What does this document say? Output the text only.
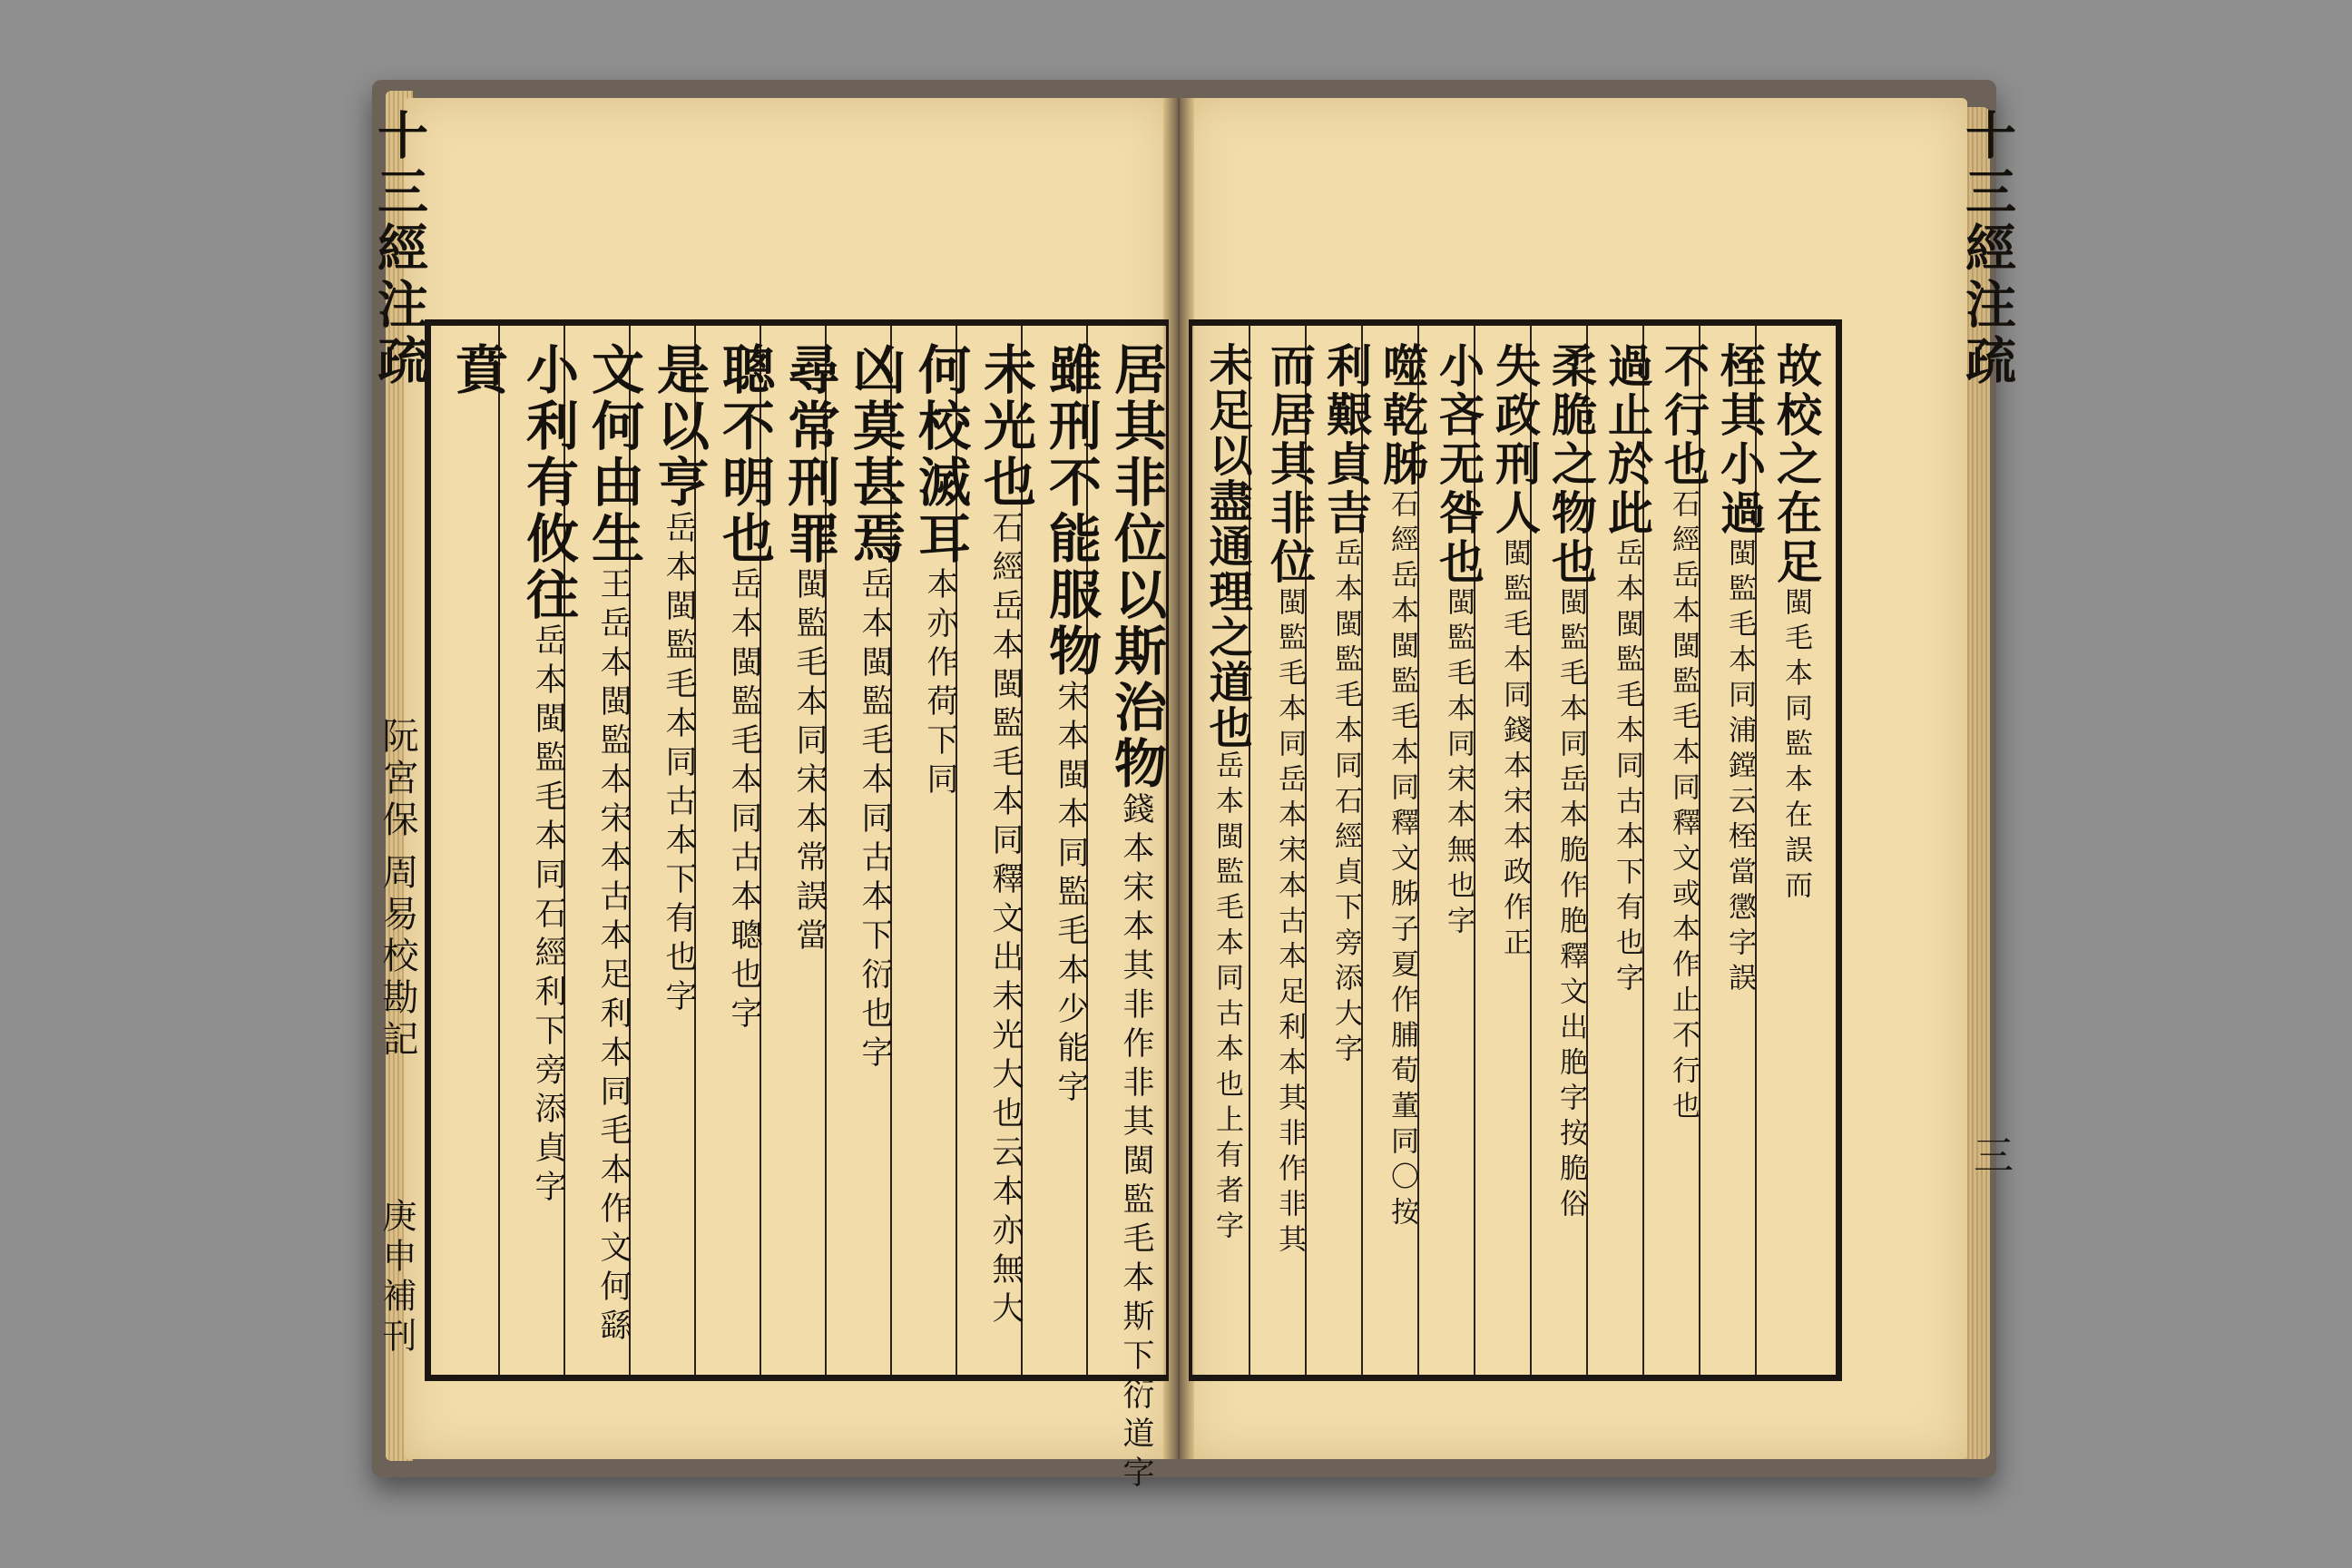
十三經注疏
阮宮保
周易校勘記
庚申補刊
居其非位以斯治物錢本宋本其非作非其閩監毛本斯下衍道字
雖刑不能服物宋本閩本同監毛本少能字
未光也石經岳本閩監毛本同釋文出未光大也云本亦無大
何校滅耳本亦作荷下同
凶莫甚焉岳本閩監毛本同古本下衍也字
尋常刑罪閩監毛本同宋本常誤當
聰不明也岳本閩監毛本同古本聰也字
是以亨岳本閩監毛本同古本下有也字
文何由生王岳本閩監本宋本古本足利本同毛本作文何繇
小利有攸往岳本閩監毛本同石經利下旁添貞字
賁	故校之在足閩毛本同監本在誤而
桎其小過閩監毛本同浦鏜云桎當懲字誤
不行也石經岳本閩監毛本同釋文或本作止不行也
過止於此岳本閩監毛本同古本下有也字
柔脆之物也閩監毛本同岳本脆作脃釋文出脃字按脆俗
失政刑人閩監毛本同錢本宋本政作正
小吝无咎也閩監毛本同宋本無也字
噬乾胏石經岳本閩監毛本同釋文胏子夏作脯荀董同〇按
利艱貞吉岳本閩監毛本同石經貞下旁添大字
而居其非位閩監毛本同岳本宋本古本足利本其非作非其
未足以盡通理之道也岳本閩監毛本同古本也上有者字
十三經注疏
三
